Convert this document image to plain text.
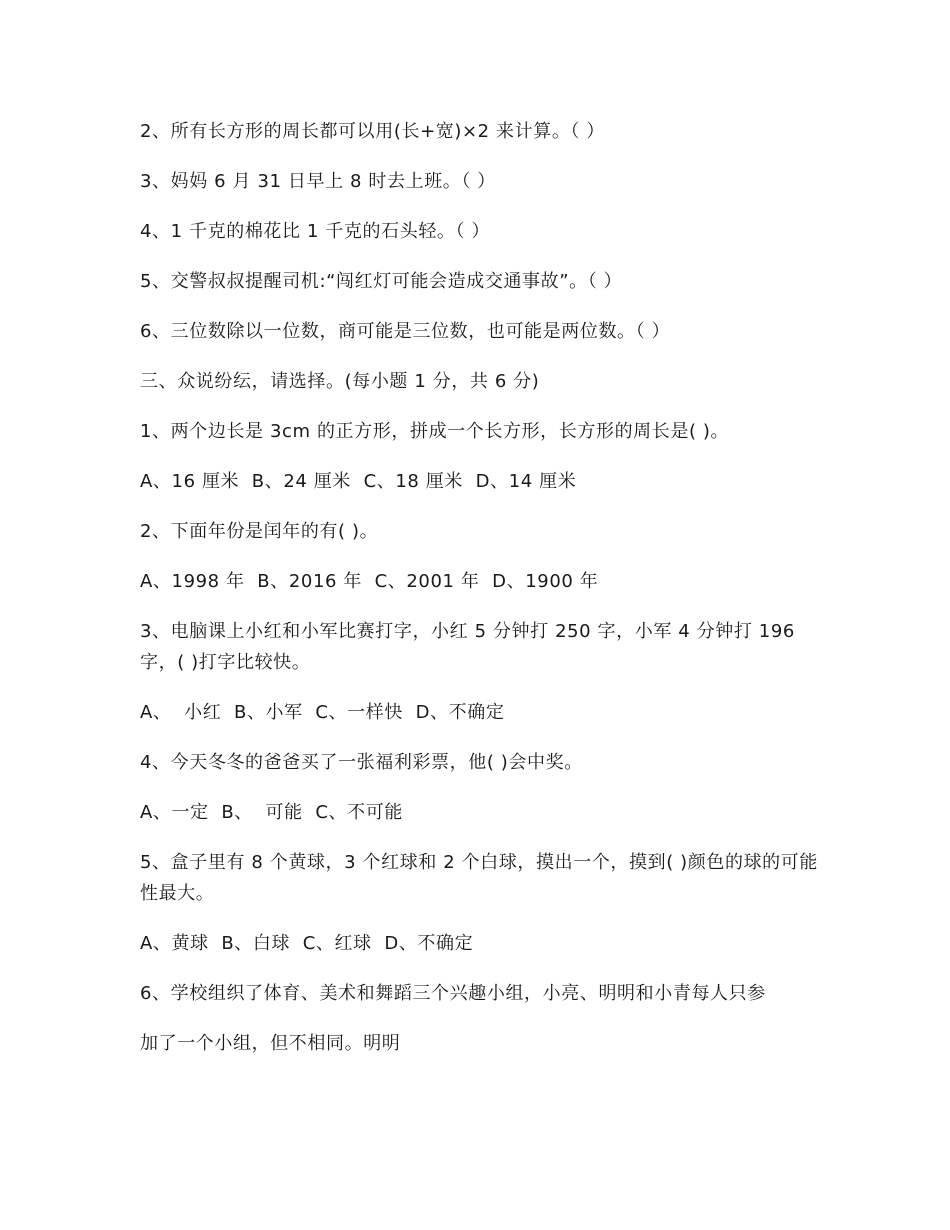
2、所有长方形的周长都可以用(长+宽)×2 来计算。（ ）

3、妈妈 6 月 31 日早上 8 时去上班。（ ）

4、1 千克的棉花比 1 千克的石头轻。（ ）

5、交警叔叔提醒司机:“闯红灯可能会造成交通事故”。（ ）

6、三位数除以一位数，商可能是三位数，也可能是两位数。（ ）

三、众说纷纭，请选择。(每小题 1 分，共 6 分)

1、两个边长是 3cm 的正方形，拼成一个长方形，长方形的周长是( )。

A、16 厘米  B、24 厘米  C、18 厘米  D、14 厘米

2、下面年份是闰年的有( )。

A、1998 年  B、2016 年  C、2001 年  D、1900 年

3、电脑课上小红和小军比赛打字，小红 5 分钟打 250 字，小军 4 分钟打 196 字，( )打字比较快。

A、  小红  B、小军  C、一样快  D、不确定

4、今天冬冬的爸爸买了一张福利彩票，他( )会中奖。

A、一定  B、  可能  C、不可能

5、盒子里有 8 个黄球，3 个红球和 2 个白球，摸出一个，摸到( )颜色的球的可能性最大。

A、黄球  B、白球  C、红球  D、不确定

6、学校组织了体育、美术和舞蹈三个兴趣小组，小亮、明明和小青每人只参

加了一个小组，但不相同。明明
